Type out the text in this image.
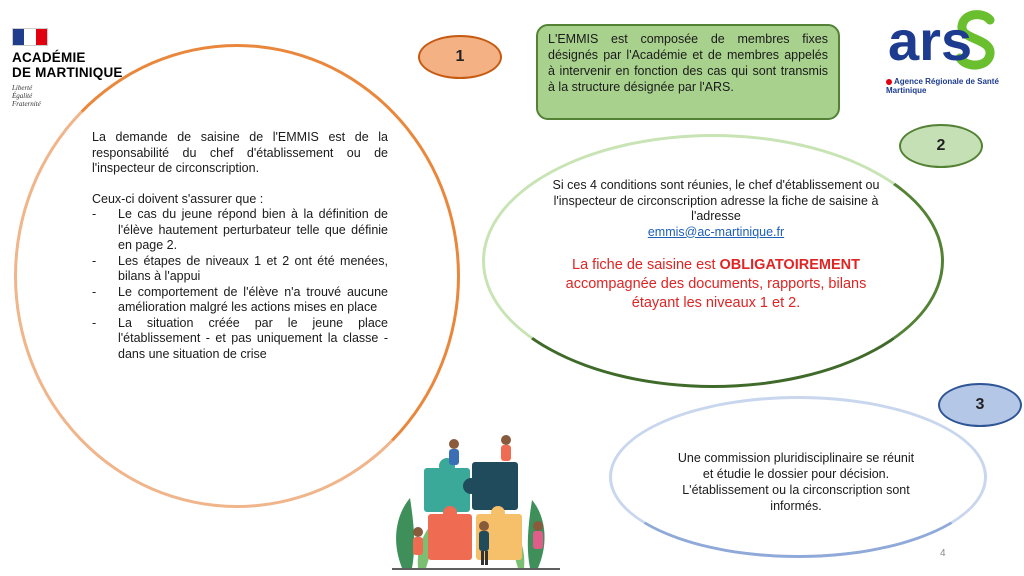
ACADÉMIE
DE MARTINIQUE
Liberté
Égalité
Fraternité
ars
Agence Régionale de Santé
Martinique
L'EMMIS est composée de membres fixes désignés par l'Académie et de membres appelés à intervenir en fonction des cas qui sont transmis à la structure désignée par l'ARS.
1
2
3

La demande de saisine de l'EMMIS est de la responsabilité du chef d'établissement ou de l'inspecteur de circonscription.

Ceux-ci doivent s'assurer que :

- Le cas du jeune répond bien à la définition de l'élève hautement perturbateur telle que définie en page 2.
- Les étapes de niveaux 1 et 2 ont été menées, bilans à l'appui
- Le comportement de l'élève n'a trouvé aucune amélioration malgré les actions mises en place
- La situation créée par le jeune place l'établissement - et pas uniquement la classe - dans une situation de crise
Si ces 4 conditions sont réunies, le chef d'établissement ou l'inspecteur de circonscription adresse la fiche de saisine à l'adresse
emmis@ac-martinique.fr
La fiche de saisine est OBLIGATOIREMENT accompagnée des documents, rapports, bilans étayant les niveaux 1 et 2.
Une commission pluridisciplinaire se réunit et étudie le dossier pour décision. L'établissement ou la circonscription sont informés.
4
